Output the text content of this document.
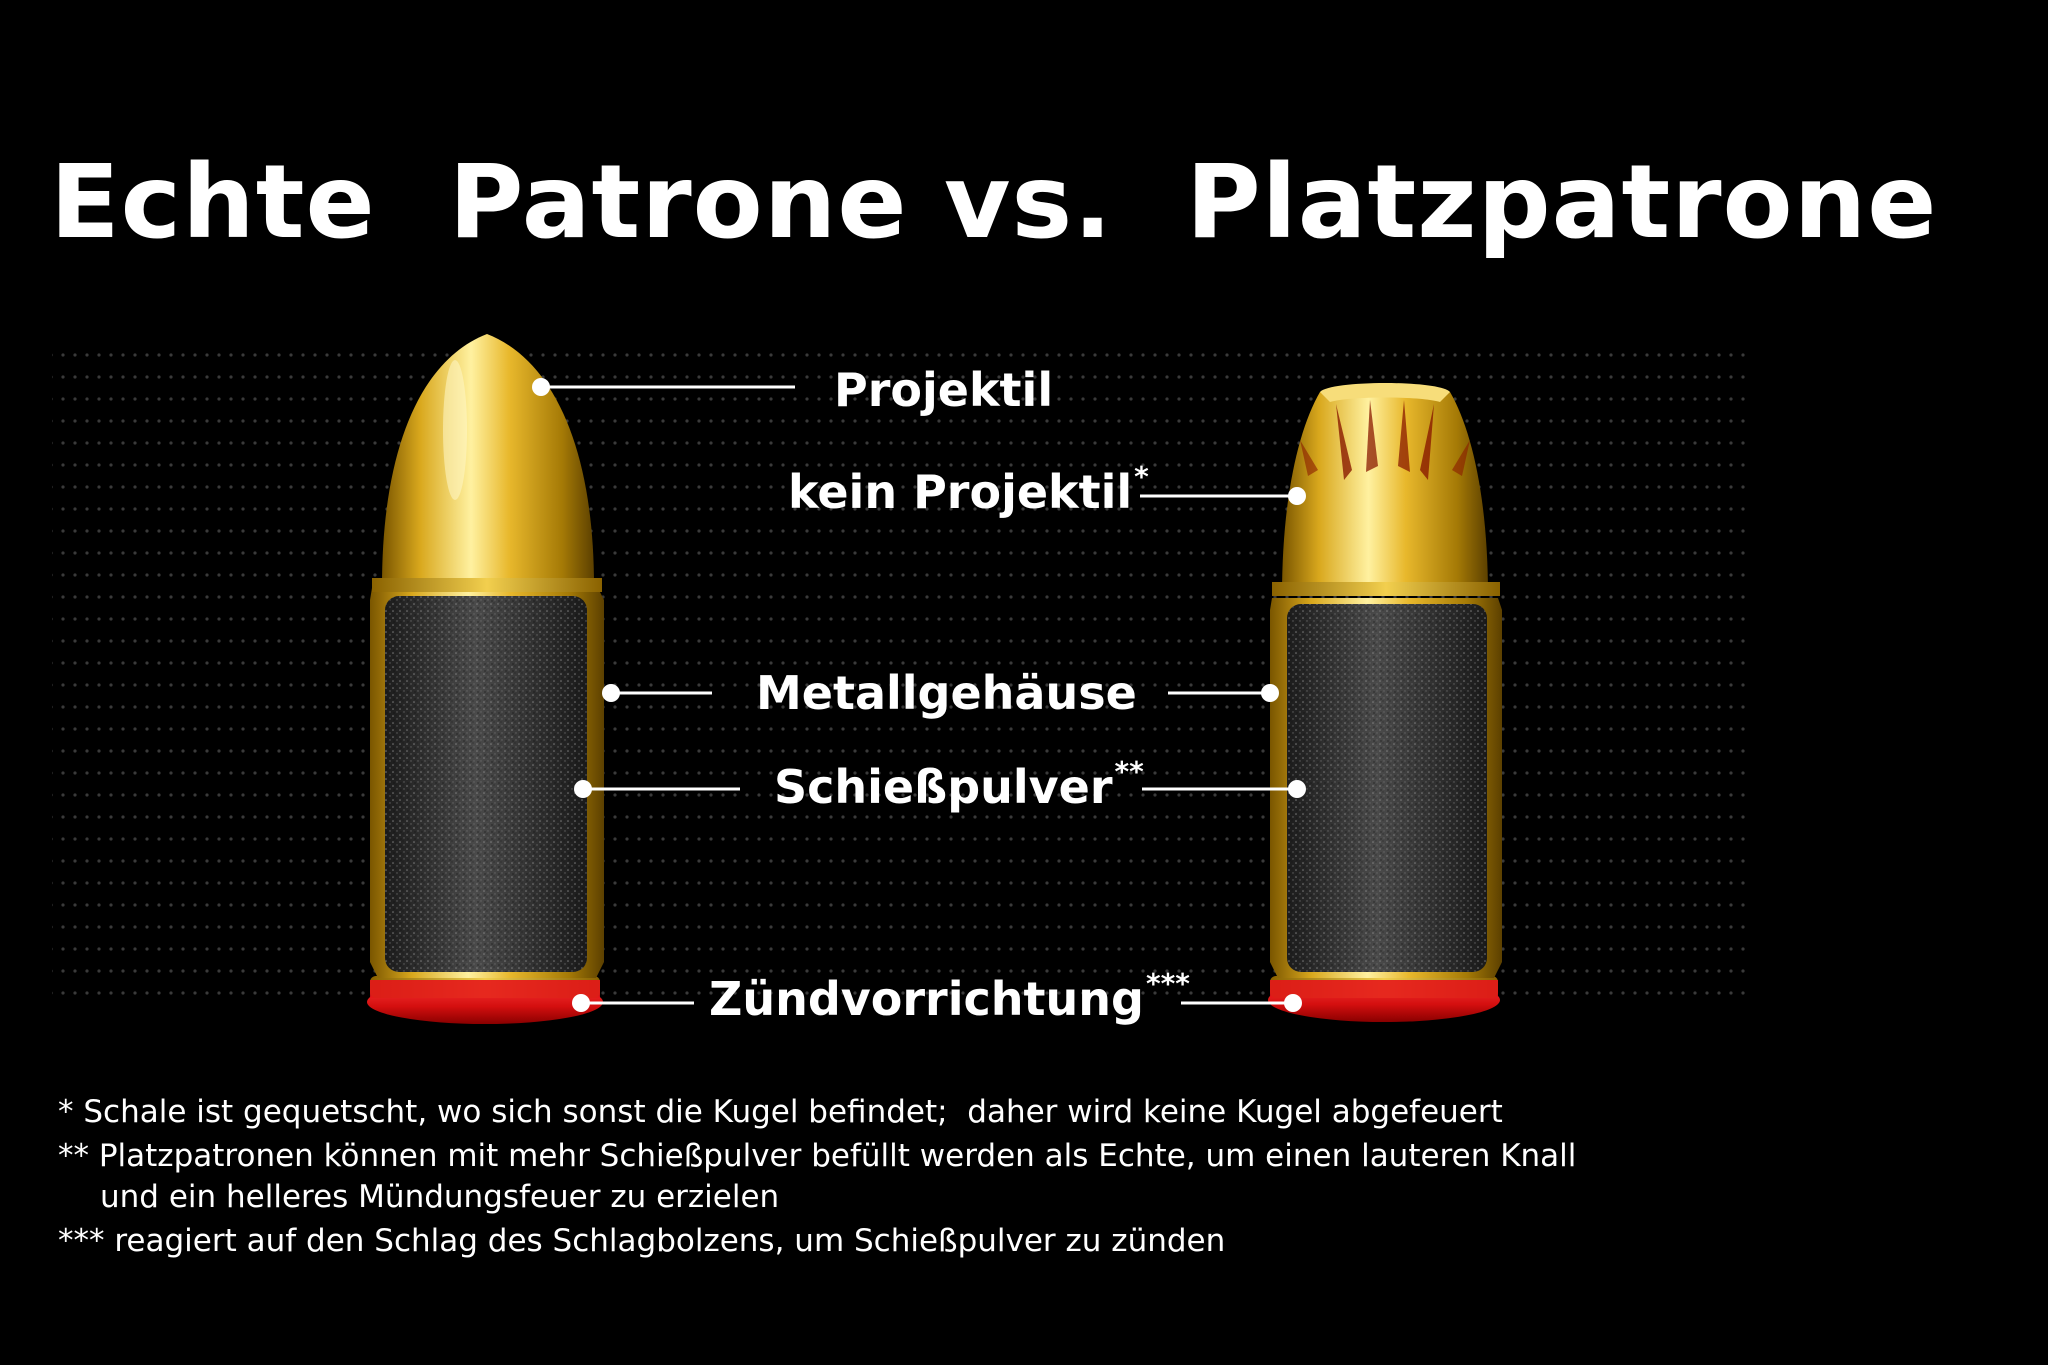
Echte  Patrone vs.  Platzpatrone
Projektil
kein Projektil*
Metallgehäuse
Schießpulver**
Zündvorrichtung***
* Schale ist gequetscht, wo sich sonst die Kugel befindet;  daher wird keine Kugel abgefeuert
** Platzpatronen können mit mehr Schießpulver befüllt werden als Echte, um einen lauteren Knall
und ein helleres Mündungsfeuer zu erzielen
*** reagiert auf den Schlag des Schlagbolzens, um Schießpulver zu zünden
